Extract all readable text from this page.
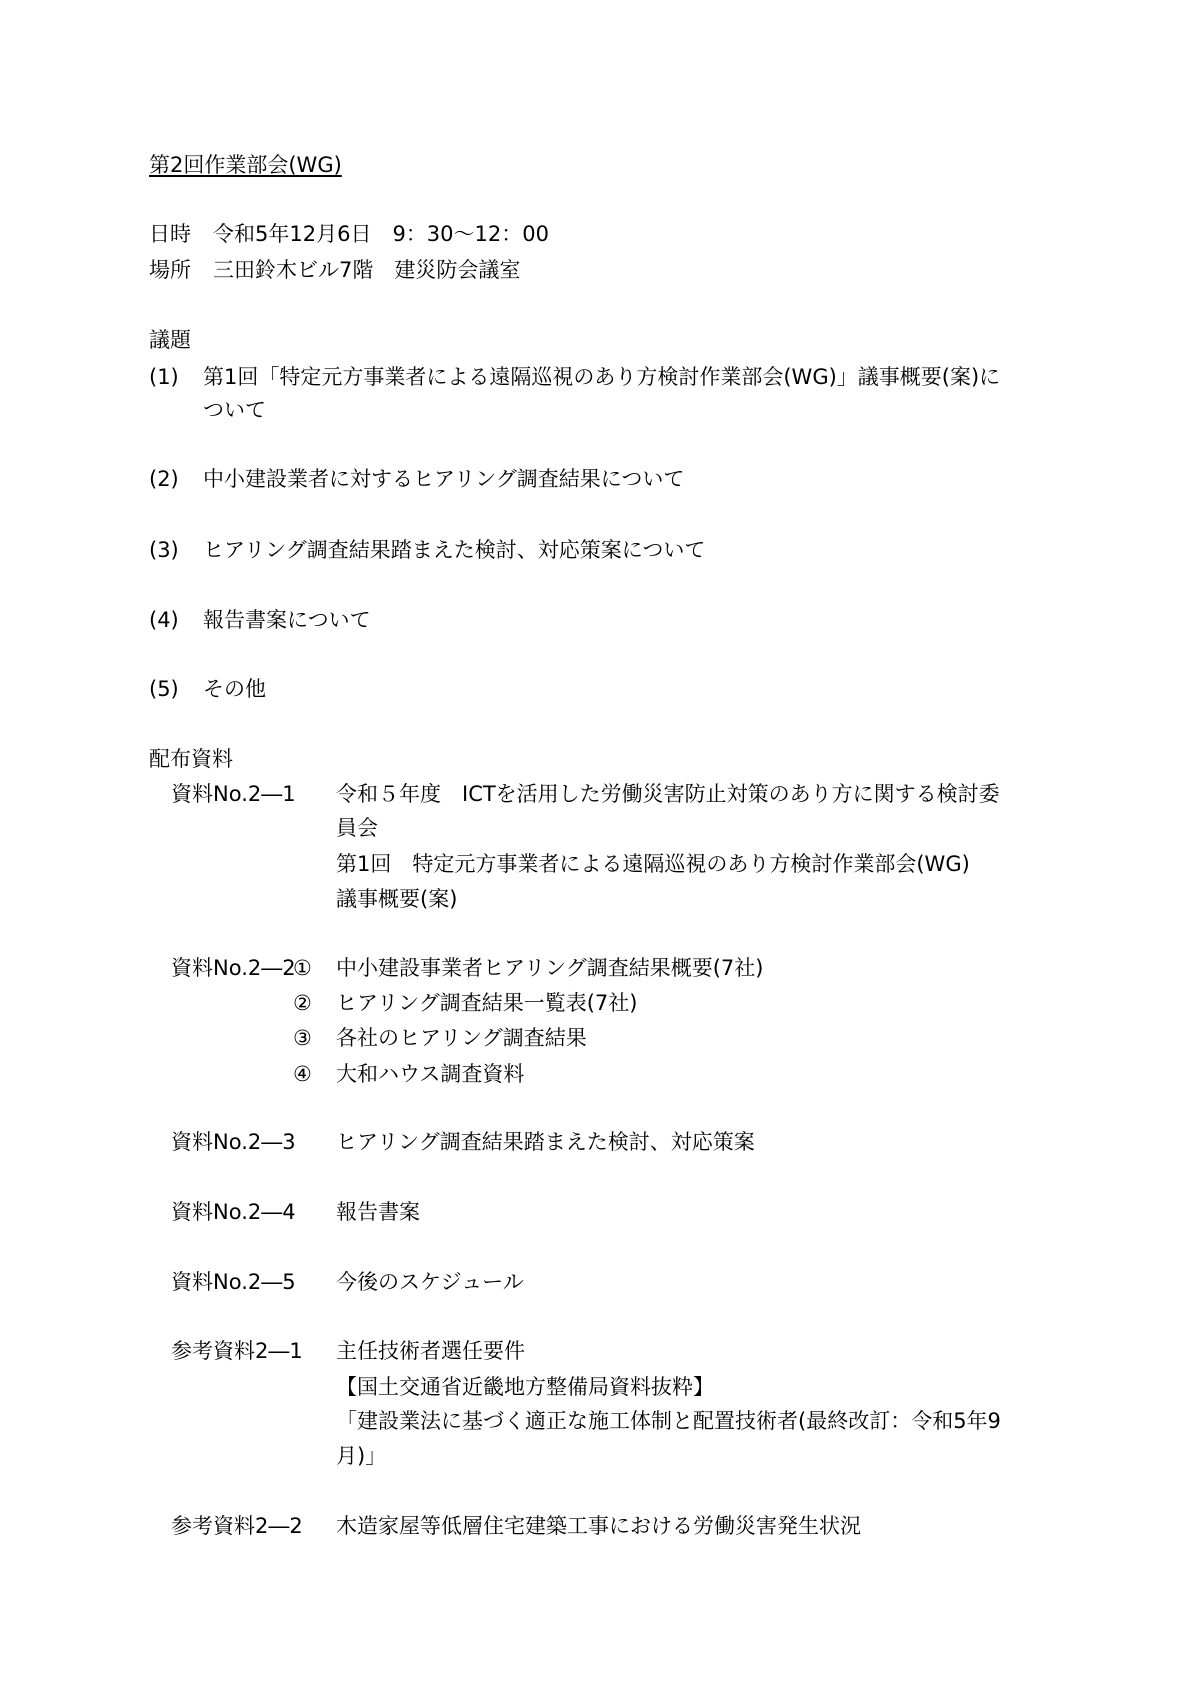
第2回作業部会(WG)
日時 令和5年12月6日　9：30～12：00
場所 三田鈴木ビル7階　建災防会議室
議題
(1) 第1回「特定元方事業者による遠隔巡視のあり方検討作業部会(WG)」議事概要(案)に
ついて
(2) 中小建設業者に対するヒアリング調査結果について
(3) ヒアリング調査結果踏まえた検討、対応策案について
(4) 報告書案について
(5) その他
配布資料
資料No.2―1 令和５年度　ICTを活用した労働災害防止対策のあり方に関する検討委
員会
第1回　特定元方事業者による遠隔巡視のあり方検討作業部会(WG)
議事概要(案)
資料No.2―2
① 中小建設事業者ヒアリング調査結果概要(7社)
② ヒアリング調査結果一覧表(7社)
③ 各社のヒアリング調査結果
④ 大和ハウス調査資料
資料No.2―3 ヒアリング調査結果踏まえた検討、対応策案
資料No.2―4 報告書案
資料No.2―5 今後のスケジュール
参考資料2―1 主任技術者選任要件
【国土交通省近畿地方整備局資料抜粋】
「建設業法に基づく適正な施工体制と配置技術者(最終改訂：令和5年9
月)」
参考資料2―2 木造家屋等低層住宅建築工事における労働災害発生状況
